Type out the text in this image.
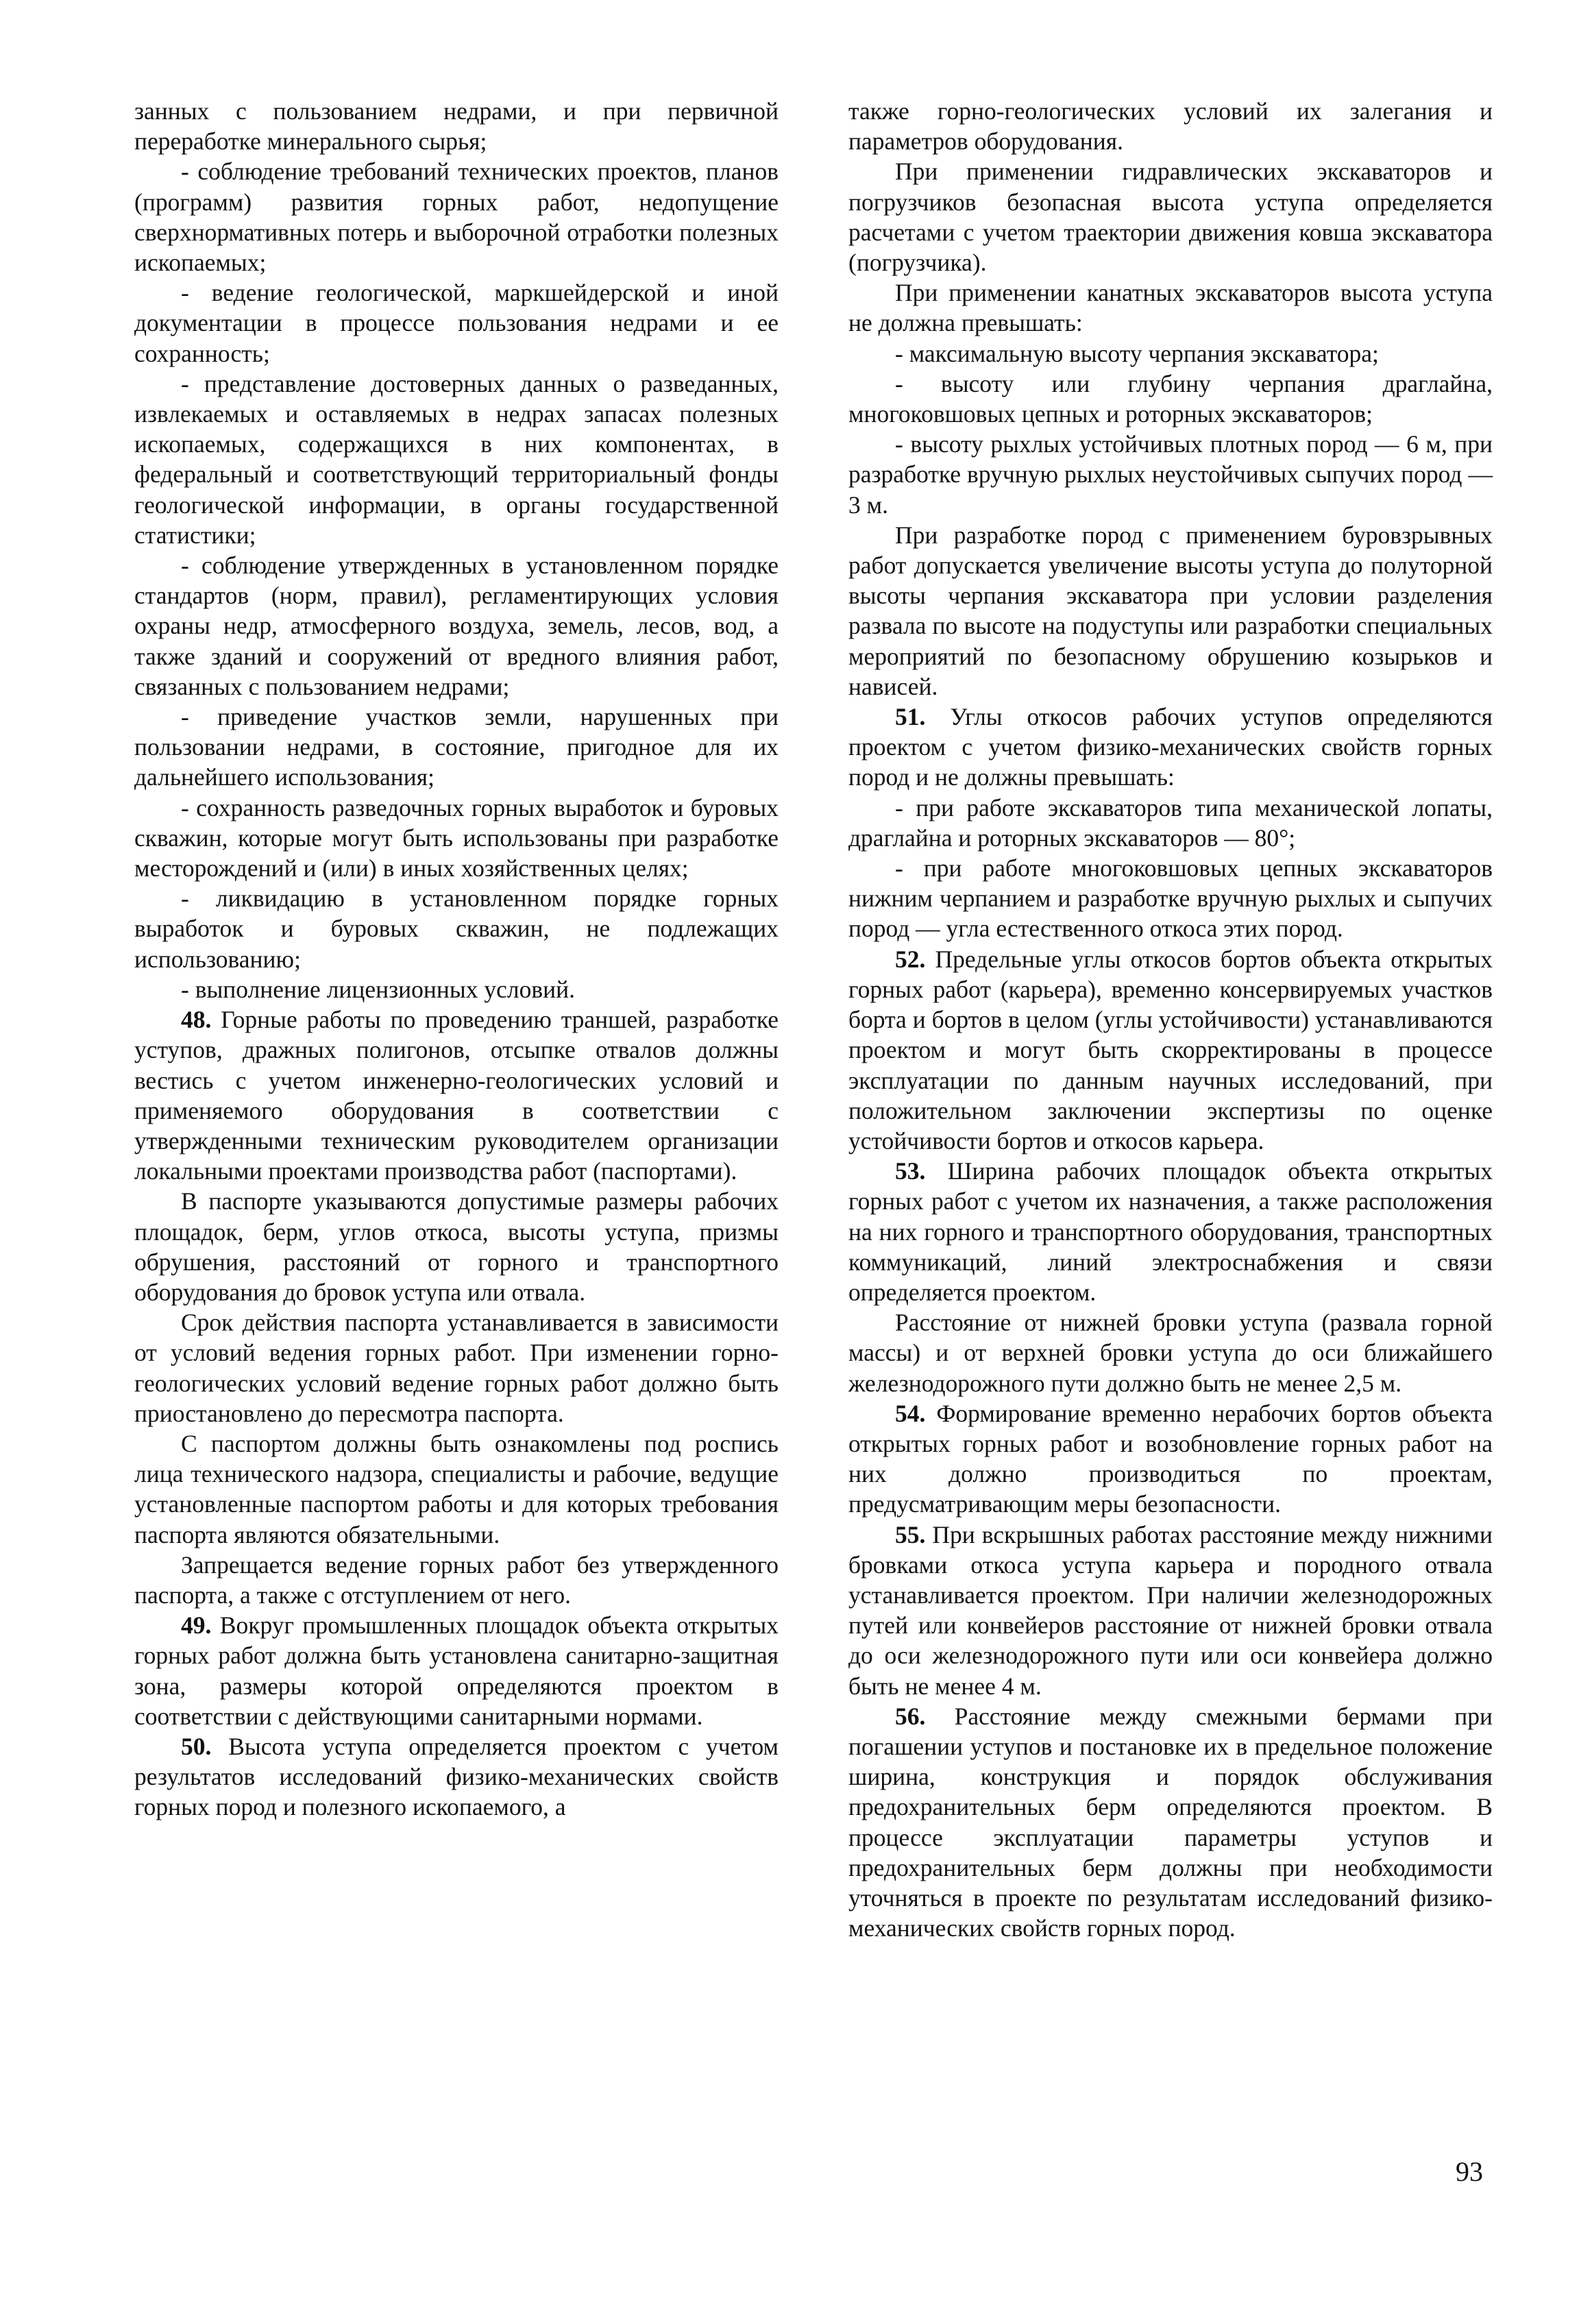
занных с пользованием недрами, и при первичной переработке минерального сырья;

- соблюдение требований технических проектов, планов (программ) развития горных работ, недопущение сверхнормативных потерь и выборочной отработки полезных ископаемых;

- ведение геологической, маркшейдерской и иной документации в процессе пользования недрами и ее сохранность;

- представление достоверных данных о разведанных, извлекаемых и оставляемых в недрах запасах полезных ископаемых, содержащихся в них компонентах, в федеральный и соответствующий территориальный фонды геологической информации, в органы государственной статистики;

- соблюдение утвержденных в установленном порядке стандартов (норм, правил), регламентирующих условия охраны недр, атмосферного воздуха, земель, лесов, вод, а также зданий и сооружений от вредного влияния работ, связанных с пользованием недрами;

- приведение участков земли, нарушенных при пользовании недрами, в состояние, пригодное для их дальнейшего использования;

- сохранность разведочных горных выработок и буровых скважин, которые могут быть использованы при разработке месторождений и (или) в иных хозяйственных целях;

- ликвидацию в установленном порядке горных выработок и буровых скважин, не подлежащих использованию;

- выполнение лицензионных условий.

48. Горные работы по проведению траншей, разработке уступов, дражных полигонов, отсыпке отвалов должны вестись с учетом инженерно-геологических условий и применяемого оборудования в соответствии с утвержденными техническим руководителем организации локальными проектами производства работ (паспортами).

В паспорте указываются допустимые размеры рабочих площадок, берм, углов откоса, высоты уступа, призмы обрушения, расстояний от горного и транспортного оборудования до бровок уступа или отвала.

Срок действия паспорта устанавливается в зависимости от условий ведения горных работ. При изменении горно-геологических условий ведение горных работ должно быть приостановлено до пересмотра паспорта.

С паспортом должны быть ознакомлены под роспись лица технического надзора, специалисты и рабочие, ведущие установленные паспортом работы и для которых требования паспорта являются обязательными.

Запрещается ведение горных работ без утвержденного паспорта, а также с отступлением от него.

49. Вокруг промышленных площадок объекта открытых горных работ должна быть установлена санитарно-защитная зона, размеры которой определяются проектом в соответствии с действующими санитарными нормами.

50. Высота уступа определяется проектом с учетом результатов исследований физико-механических свойств горных пород и полезного ископаемого, а

также горно-геологических условий их залегания и параметров оборудования.

При применении гидравлических экскаваторов и погрузчиков безопасная высота уступа определяется расчетами с учетом траектории движения ковша экскаватора (погрузчика).

При применении канатных экскаваторов высота уступа не должна превышать:

- максимальную высоту черпания экскаватора;

- высоту или глубину черпания драглайна, многоковшовых цепных и роторных экскаваторов;

- высоту рыхлых устойчивых плотных пород — 6 м, при разработке вручную рыхлых неустойчивых сыпучих пород — 3 м.

При разработке пород с применением буровзрывных работ допускается увеличение высоты уступа до полуторной высоты черпания экскаватора при условии разделения развала по высоте на подуступы или разработки специальных мероприятий по безопасному обрушению козырьков и нависей.

51. Углы откосов рабочих уступов определяются проектом с учетом физико-механических свойств горных пород и не должны превышать:

- при работе экскаваторов типа механической лопаты, драглайна и роторных экскаваторов — 80°;

- при работе многоковшовых цепных экскаваторов нижним черпанием и разработке вручную рыхлых и сыпучих пород — угла естественного откоса этих пород.

52. Предельные углы откосов бортов объекта открытых горных работ (карьера), временно консервируемых участков борта и бортов в целом (углы устойчивости) устанавливаются проектом и могут быть скорректированы в процессе эксплуатации по данным научных исследований, при положительном заключении экспертизы по оценке устойчивости бортов и откосов карьера.

53. Ширина рабочих площадок объекта открытых горных работ с учетом их назначения, а также расположения на них горного и транспортного оборудования, транспортных коммуникаций, линий электроснабжения и связи определяется проектом.

Расстояние от нижней бровки уступа (развала горной массы) и от верхней бровки уступа до оси ближайшего железнодорожного пути должно быть не менее 2,5 м.

54. Формирование временно нерабочих бортов объекта открытых горных работ и возобновление горных работ на них должно производиться по проектам, предусматривающим меры безопасности.

55. При вскрышных работах расстояние между нижними бровками откоса уступа карьера и породного отвала устанавливается проектом. При наличии железнодорожных путей или конвейеров расстояние от нижней бровки отвала до оси железнодорожного пути или оси конвейера должно быть не менее 4 м.

56. Расстояние между смежными бермами при погашении уступов и постановке их в предельное положение ширина, конструкция и порядок обслуживания предохранительных берм определяются проектом. В процессе эксплуатации параметры уступов и предохранительных берм должны при необходимости уточняться в проекте по результатам исследований физико-механических свойств горных пород.

93
